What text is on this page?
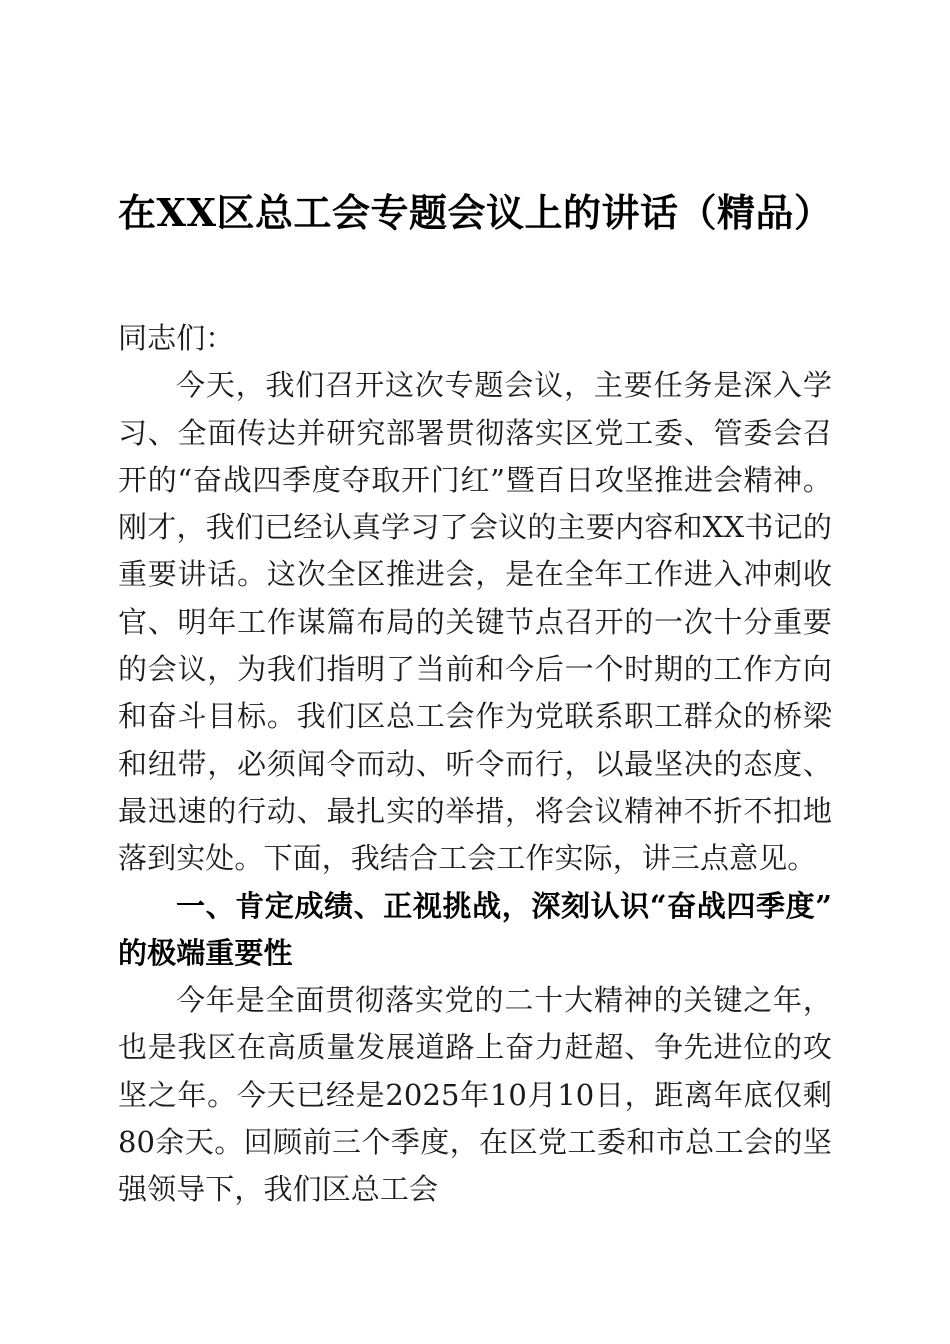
在XX区总工会专题会议上的讲话（精品）

同志们：

今天，我们召开这次专题会议，主要任务是深入学习、全面传达并研究部署贯彻落实区党工委、管委会召开的“奋战四季度夺取开门红”暨百日攻坚推进会精神。刚才，我们已经认真学习了会议的主要内容和XX书记的重要讲话。这次全区推进会，是在全年工作进入冲刺收官、明年工作谋篇布局的关键节点召开的一次十分重要的会议，为我们指明了当前和今后一个时期的工作方向和奋斗目标。我们区总工会作为党联系职工群众的桥梁和纽带，必须闻令而动、听令而行，以最坚决的态度、最迅速的行动、最扎实的举措，将会议精神不折不扣地落到实处。下面，我结合工会工作实际，讲三点意见。

一、肯定成绩、正视挑战，深刻认识“奋战四季度”的极端重要性

今年是全面贯彻落实党的二十大精神的关键之年，也是我区在高质量发展道路上奋力赶超、争先进位的攻坚之年。今天已经是2025年10月10日，距离年底仅剩80余天。回顾前三个季度，在区党工委和市总工会的坚强领导下，我们区总工会
